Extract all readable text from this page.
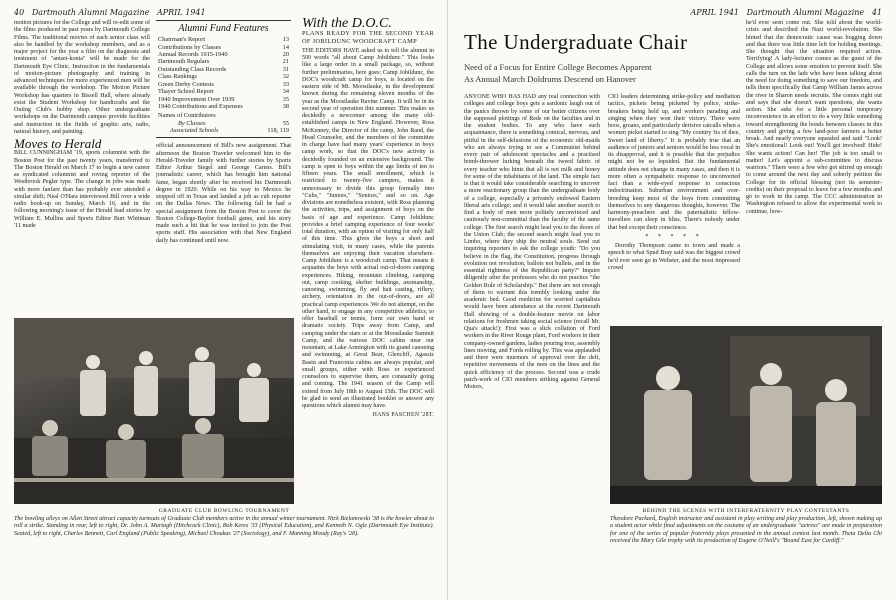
40 Dartmouth Alumni Magazine APRIL 1941

motion pictures for the College and will re-edit some of the films produced in past years by Dartmouth College Films. The traditional movies of each senior class will also be handled by the workshop members, and as a major project for the year a film on the diagnosis and treatment of "anisei-konia" will be made for the Dartmouth Eye Clinic. Instruction in the fundamentals of motion-picture photography and training in advanced techniques for more experienced men will be available through the workshop. The Motion Picture Workshop has quarters in Bissell Hall, where already exist the Student Workshop for handicrafts and the Outing Club's hobby shop. Other undergraduate workshops on the Dartmouth campus provide facilities and instruction in the fields of graphic arts, radio, natural history, and painting.

Moves to Herald

BILL CUNNINGHAM '19, sports columnist with the Boston Post for the past twenty years, transferred to The Boston Herald on March 17 to begin a new career as syndicated columnist and roving reporter of the Westbrook Pegler type. The change in jobs was made with more fanfare than has probably ever attended a similar shift; Neal O'Hara interviewed Bill over a wide radio hook-up on Sunday, March 16, and in the following morning's issue of the Herald lead stories by William E. Mullins and Sports Editor Burt Whitman '11 made

Alumni Fund Features
Chairman's Report	13
Contributions by Classes	14
Annual Records 1915-1940	20
Dartmouth Regulars	21
Outstanding Class Records	31
Class Rankings	32
Green Derby Contests	33
Thayer School Report	34
1940 Improvement Over 1939	35
1940 Contributions and Expenses	38
Names of Contributors
By Classes	55
Associated Schools	118, 119

official announcement of Bill's new assignment. That afternoon the Boston Traveler welcomed him to the Herald-Traveler family with further stories by Sports Editor Arthur Siegel and George Carens. Bill's journalistic career, which has brought him national fame, began shortly after he received his Dartmouth degree in 1920. While on his way to Mexico he stopped off in Texas and landed a job as cub reporter on the Dallas News. The following fall he had a special assignment from the Boston Post to cover the Boston College-Baylor football game, and his story made such a hit that he was invited to join the Post sports staff. His association with that New England daily has continued until now.

With the D.O.C.
PLANS READY FOR THE SECOND YEAR OF JOBILDUNC WOODCRAFT CAMP

THE EDITORS HAVE asked us to tell the alumni in 500 words "all about Camp Jobildunc." This looks like a large order in a small package, so, without further preliminaries, here goes: Camp Jobildunc, the DOC's woodcraft camp for boys, is located on the eastern side of Mt. Moosilauke, in the development known during the remaining eleven months of the year as the Moosilauke Ravine Camp. It will be in its second year of operation this summer. This makes us decidedly a newcomer among the many old-established camps in New England. However, Ross McKenney, the Director of the camp, John Rand, the Head Counselor, and the members of the committee in charge have had many years' experience in boys camp work, so that the DOC's new activity is decidedly founded on an extensive background. The camp is open to boys within the age limits of ten to fifteen years. The small enrollment, which is restricted to twenty-five campers, makes it unnecessary to divide this group formally into "Cubs," "Juniors," "Seniors," and so on. Age divisions are nonetheless existent, with Ross planning the activities, trips, and assignment of boys on the basis of age and experience. Camp Jobildunc provides a brief camping experience of four weeks' total duration, with an option of visiting for only half of this time. This gives the boys a short and stimulating visit, in many cases, while the parents themselves are enjoying their vacation elsewhere. Camp Jobildunc is a woodcraft camp. That means it acquaints the boys with actual out-of-doors camping experiences. Hiking, mountain climbing, camping out, camp cooking, shelter buildings, axemanship, canoeing, swimming, fly and bait casting, riflery, archery, orientation in the out-of-doors, are all practical camp experiences. We do not attempt, on the other hand, to engage in any competitive athletics, to offer baseball or tennis, form our own band or dramatic society. Trips away from Camp, and camping under the stars or at the Moosilauke Summit Camp, and the various DOC cabins near our mountain, at Lake Armington with its grand canoeing and swimming, at Great Bear, Glencliff, Agassiz Basin and Franconia cabins are always popular, and small groups, either with Ross or experienced counselors to supervise them, are constantly going and coming. The 1941 season of the Camp will extend from July 18th to August 15th. The DOC will be glad to send an illustrated booklet or answer any questions which alumni may have.

HANS PASCHEN '28T.
GRADUATE CLUB BOWLING TOURNAMENT
The bowling alleys on Allen Street attract capacity turnouts of Graduate Club members active in the annual winter tournament. Nick Bielanowski '38 is the bowler about to roll a strike. Standing in rear, left to right, Dr. John A. Murtagh (Hitchcock Clinic), Bob Keres '33 (Physical Education), and Kenneth N. Ogle (Dartmouth Eye Institute). Seated, left to right, Charles Bennett, Carl England (Public Speaking), Michael Choukas '27 (Sociology), and F. Manning Moody (Ray's '28).
APRIL 1941 Dartmouth Alumni Magazine 41
The Undergraduate Chair
Need of a Focus for Entire College Becomes Apparent
As Annual March Doldrums Descend on Hanover

ANYONE WHO HAS HAD any real connection with colleges and college boys gets a sardonic laugh out of the panics thrown by some of our better citizens over the supposed plottings of Reds on the faculties and in the student bodies. To any who have such acquaintance, there is something comical, nervous, and pitiful in the self-delusions of the economic old-maids who are always trying to see a Communist behind every pair of adolescent spectacles and a practised bomb-thrower lurking beneath the tweed fabric of every teacher who hints that all is not milk and honey for some of the inhabitants of the land. The simple fact is that it would take considerable searching to uncover a more reactionary group than the undergraduate body of a college, especially a privately endowed Eastern liberal arts college; and it would take another search to find a body of men more politely unconvinced and cautiously non-committal than the faculty of the same college. The first search might lead you to the doors of the Union Club; the second search might lead you to Limbo, where they ship the neutral souls. Send out inquiring reporters to ask the college youth: "Do you believe in the flag, the Constitution, progress through evolution not revolution, ballots not bullets, and in the essential rightness of the Republican party?" Inquire diligently after the professors who do not practice "the Golden Rule of Scholarship." But there are not enough of them to warrant this trembly looking under the academic bed. Good medicine for worried capitalists would have been attendance at the recent Dartmouth Hall showing of a double-feature movie on labor relations for freshmen taking social science (recall Mr. Qua's attack!): First was a slick collation of Ford workers in the River Rouge plant, Ford workers in their company-owned gardens, ladies pouring iron, assembly lines moving, and Fords rolling by. This was applauded and there were murmurs of approval over the deft, repetitive movements of the men on the lines and the quick efficiency of the process. Second was a crude patch-work of CIO members striking against General Motors,

CIO leaders determining strike-policy and mediation tactics, pickets being picketed by police, strike-breakers being held up, and workers parading and singing when they won their victory. There were boos, groans, and particularly derisive catcalls when a women picket started to sing "My country 'tis of thee, Sweet land of liberty." It is probably true that an audience of juniors and seniors would be less vocal in its disapproval, and it is possible that the prejudice might not be so lopsided. But the fundamental attitude does not change in many cases, and then it is more often a sympathetic response to unconverted fact than a wide-eyed response to conscious indoctrination. Suburban environment and over-breeding keep most of the boys from committing themselves to any dangerous thoughts, however. The harmony-preachers and the paternalistic fellow-travellers can sleep in bliss. There's nobody under that bed except their conscience.

* * * * *

Dorothy Thompson came to town and made a speech to what Spud Bray said was the biggest crowd he'd ever seen go in Webster, and the most impressed crowd

he'd ever seen come out. She told about the world-crisis and described the Nazi world-revolution. She hinted that the democratic cause was bogging down and that there was little time left for holding meetings. She thought that the situation required action. Terrifying! A lady-lecturer comes as the guest of the College and allows some emotion to prevent itself. She calls the turn on the lads who have been talking about the need for doing something to save our freedom, and tells them specifically that Camp William James across the river in Sharon needs recruits. She comes right out and says that she doesn't want questions, she wants action. She asks for a little personal temporary inconvenience in an effort to do a very little something toward strengthening the bonds between classes in this country and giving a few land-poor farmers a better break. And nearly everyone squealed and said "Look! She's emotional! Look out! You'll get involved! Hide! She wants action! Can her! The job is too small to matter! Let's appoint a sub-committee to discuss warriors." There were a few who got stirred up enough to come around the next day and soberly petition the College for its official blessing (not its semester-credits) on their proposal to leave for a few months and go to work in the camp. The CCC administration in Washington refused to allow the experimental work to continue, how-

BEHIND THE SCENES WITH INTERFRATERNITY PLAY CONTESTANTS
Theodore Packard, English instructor and assistant in play writing and play production, left, shown making up a student actor while final adjustments on the costume of an undergraduate "actress" are made in preparation for one of the series of popular fraternity plays presented in the annual contest last month. Theta Delta Chi received the Mary Gile trophy with its production of Eugene O'Neill's "Bound East for Cardiff."
